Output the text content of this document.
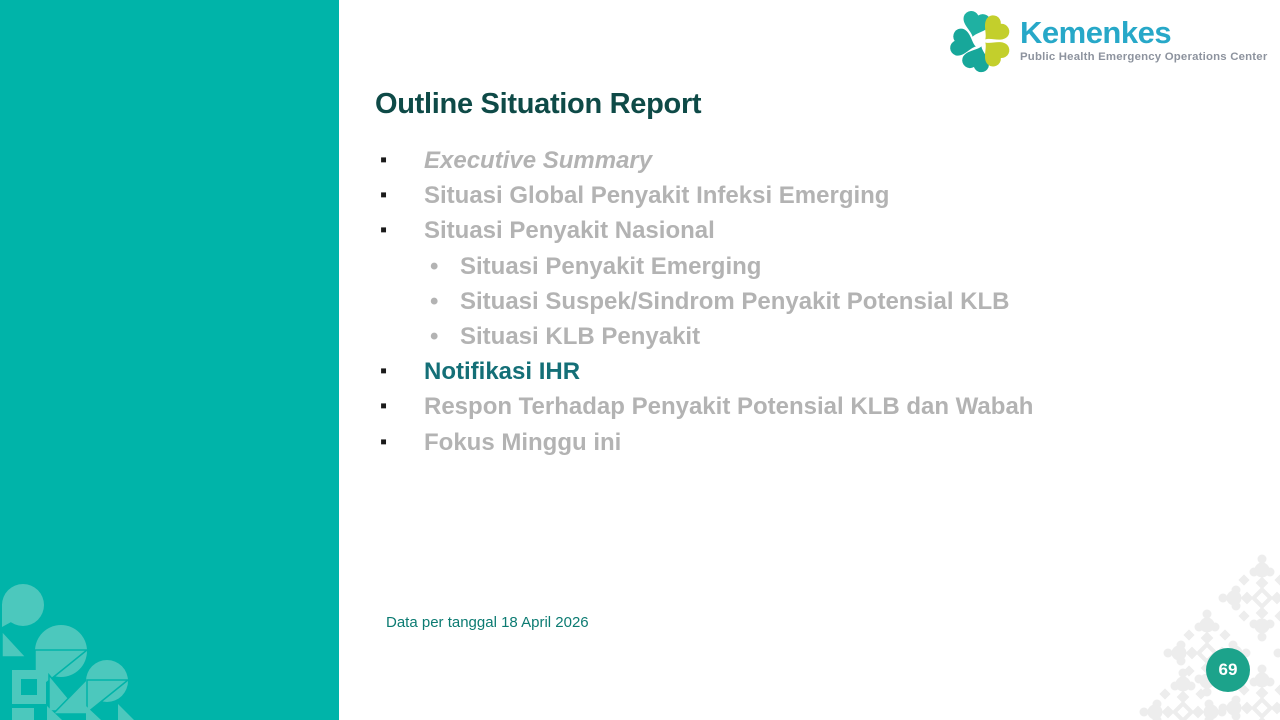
Kemenkes
Public Health Emergency Operations Center
Outline Situation Report
▪	Executive Summary
▪	Situasi Global Penyakit Infeksi Emerging
▪	Situasi Penyakit Nasional
• Situasi Penyakit Emerging
• Situasi Suspek/Sindrom Penyakit Potensial KLB
• Situasi KLB Penyakit
▪	Notifikasi IHR
▪	Respon Terhadap Penyakit Potensial KLB dan Wabah
▪	Fokus Minggu ini
Data per tanggal 18 April 2026
69
